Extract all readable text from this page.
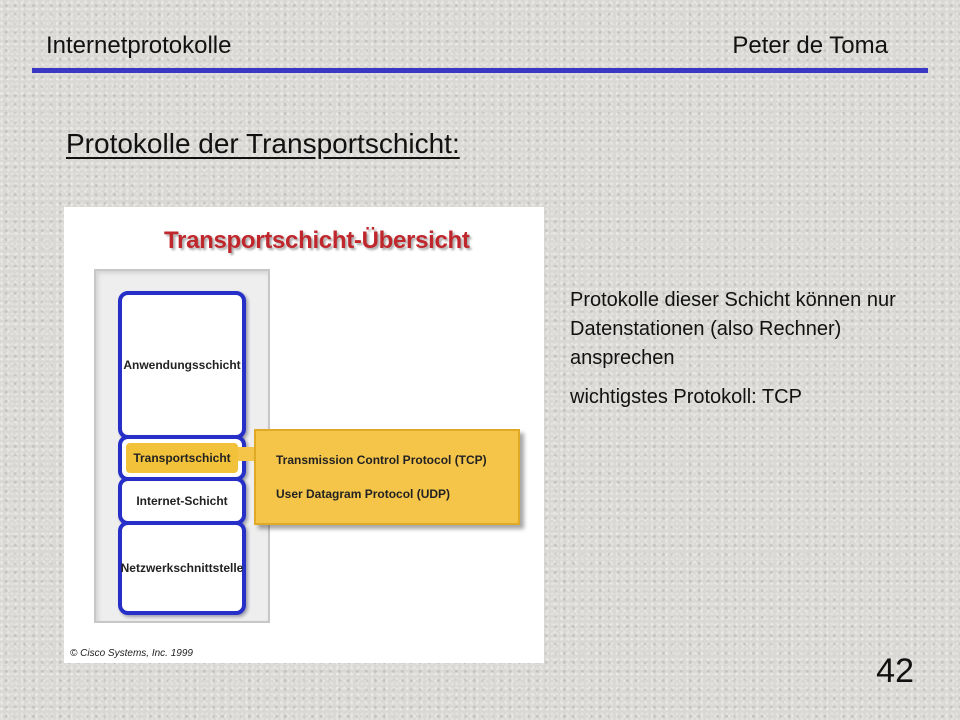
Internetprotokolle	Peter de Toma
Protokolle der Transportschicht:
Transportschicht-Übersicht
Anwendungsschicht
Transportschicht
Internet-Schicht
Netzwerkschnittstelle
Transmission Control Protocol (TCP)
User Datagram Protocol (UDP)
© Cisco Systems, Inc. 1999

Protokolle dieser Schicht können nur Datenstationen (also Rechner) ansprechen

wichtigstes Protokoll: TCP

42
